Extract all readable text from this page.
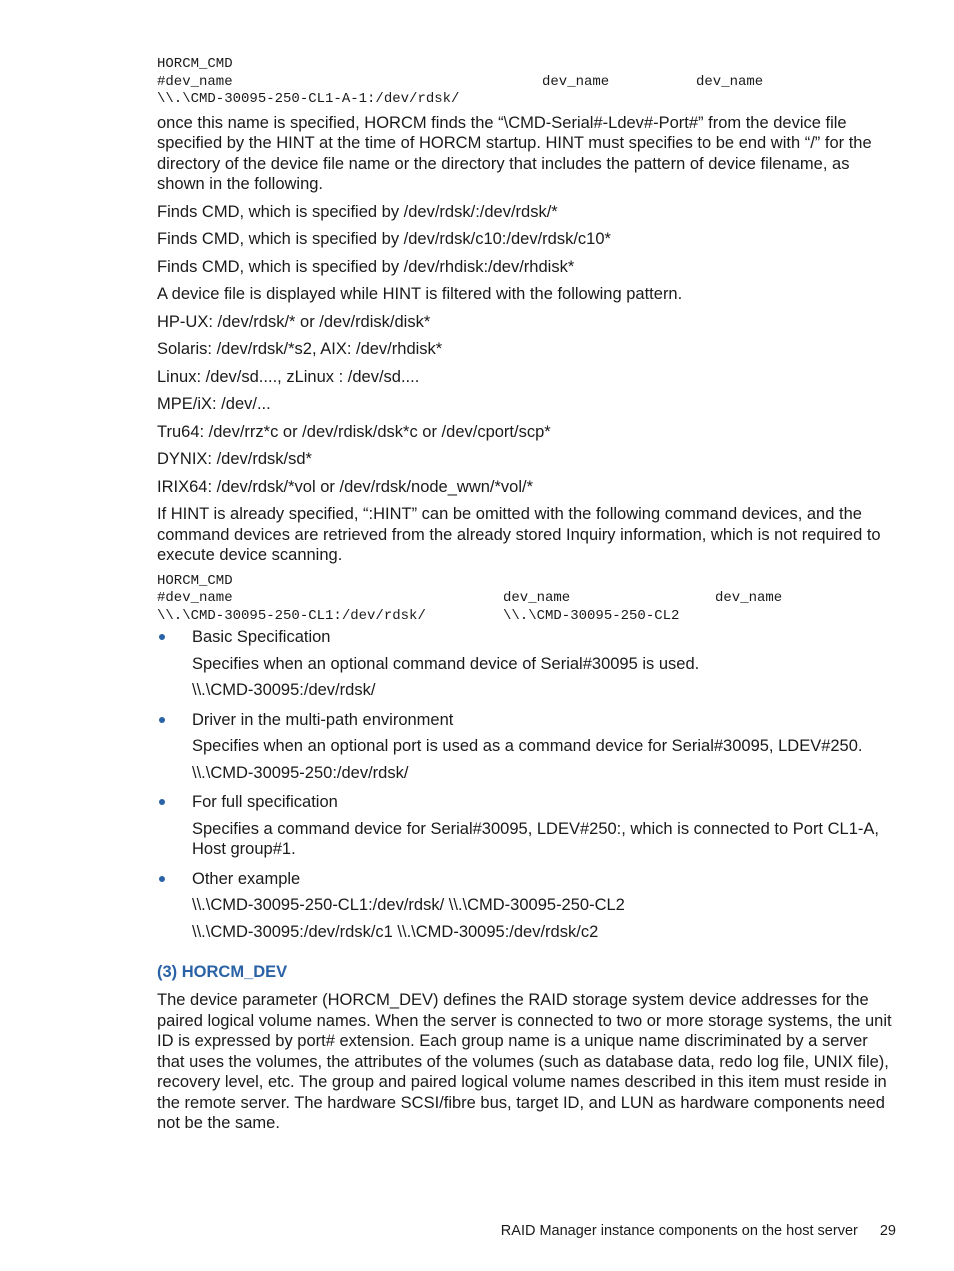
HORCM_CMD
#dev_name	dev_name	dev_name
\\.\CMD-30095-250-CL1-A-1:/dev/rdsk/

once this name is specified, HORCM finds the “\CMD-Serial#-Ldev#-Port#” from the device file specified by the HINT at the time of HORCM startup. HINT must specifies to be end with “/” for the directory of the device file name or the directory that includes the pattern of device filename, as shown in the following.

Finds CMD, which is specified by /dev/rdsk/:/dev/rdsk/*

Finds CMD, which is specified by /dev/rdsk/c10:/dev/rdsk/c10*

Finds CMD, which is specified by /dev/rhdisk:/dev/rhdisk*

A device file is displayed while HINT is filtered with the following pattern.

HP-UX: /dev/rdsk/* or /dev/rdisk/disk*

Solaris: /dev/rdsk/*s2, AIX: /dev/rhdisk*

Linux: /dev/sd...., zLinux : /dev/sd....

MPE/iX: /dev/...

Tru64: /dev/rrz*c or /dev/rdisk/dsk*c or /dev/cport/scp*

DYNIX: /dev/rdsk/sd*

IRIX64: /dev/rdsk/*vol or /dev/rdsk/node_wwn/*vol/*

If HINT is already specified, “:HINT” can be omitted with the following command devices, and the command devices are retrieved from the already stored Inquiry information, which is not required to execute device scanning.

HORCM_CMD
#dev_name	dev_name	dev_name
\\.\CMD-30095-250-CL1:/dev/rdsk/	\\.\CMD-30095-250-CL2

Basic Specification

Specifies when an optional command device of Serial#30095 is used.

\\.\CMD-30095:/dev/rdsk/

Driver in the multi-path environment

Specifies when an optional port is used as a command device for Serial#30095, LDEV#250.

\\.\CMD-30095-250:/dev/rdsk/

For full specification

Specifies a command device for Serial#30095, LDEV#250:, which is connected to Port CL1-A, Host group#1.

Other example

\\.\CMD-30095-250-CL1:/dev/rdsk/ \\.\CMD-30095-250-CL2

\\.\CMD-30095:/dev/rdsk/c1 \\.\CMD-30095:/dev/rdsk/c2

(3) HORCM_DEV

The device parameter (HORCM_DEV) defines the RAID storage system device addresses for the paired logical volume names. When the server is connected to two or more storage systems, the unit ID is expressed by port# extension. Each group name is a unique name discriminated by a server that uses the volumes, the attributes of the volumes (such as database data, redo log file, UNIX file), recovery level, etc. The group and paired logical volume names described in this item must reside in the remote server. The hardware SCSI/fibre bus, target ID, and LUN as hardware components need not be the same.

RAID Manager instance components on the host server 29
